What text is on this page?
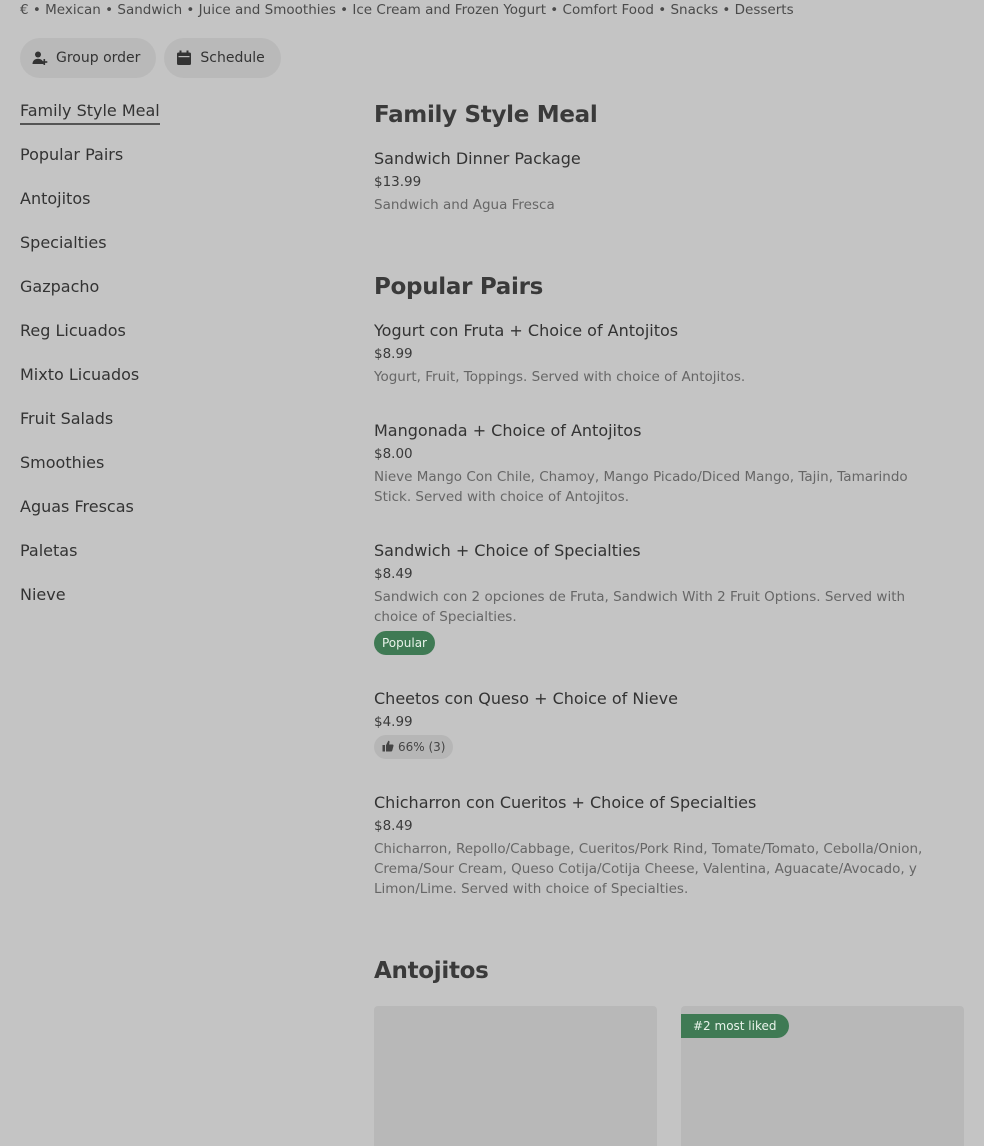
€ • Mexican • Sandwich • Juice and Smoothies • Ice Cream and Frozen Yogurt • Comfort Food • Snacks • Desserts
Group order	Schedule
Family Style Meal
Popular Pairs
Antojitos
Specialties
Gazpacho
Reg Licuados
Mixto Licuados
Fruit Salads
Smoothies
Aguas Frescas
Paletas
Nieve
Family Style Meal
Sandwich Dinner Package
$13.99
Sandwich and Agua Fresca
Popular Pairs
Yogurt con Fruta + Choice of Antojitos
$8.99
Yogurt, Fruit, Toppings. Served with choice of Antojitos.
Mangonada + Choice of Antojitos
$8.00
Nieve Mango Con Chile, Chamoy, Mango Picado/Diced Mango, Tajin, Tamarindo Stick. Served with choice of Antojitos.
Sandwich + Choice of Specialties
$8.49
Sandwich con 2 opciones de Fruta, Sandwich With 2 Fruit Options. Served with choice of Specialties.
Popular
Cheetos con Queso + Choice of Nieve
$4.99
66% (3)
Chicharron con Cueritos + Choice of Specialties
$8.49
Chicharron, Repollo/Cabbage, Cueritos/Pork Rind, Tomate/Tomato, Cebolla/Onion, Crema/Sour Cream, Queso Cotija/Cotija Cheese, Valentina, Aguacate/Avocado, y Limon/Lime. Served with choice of Specialties.
Antojitos
#2 most liked
